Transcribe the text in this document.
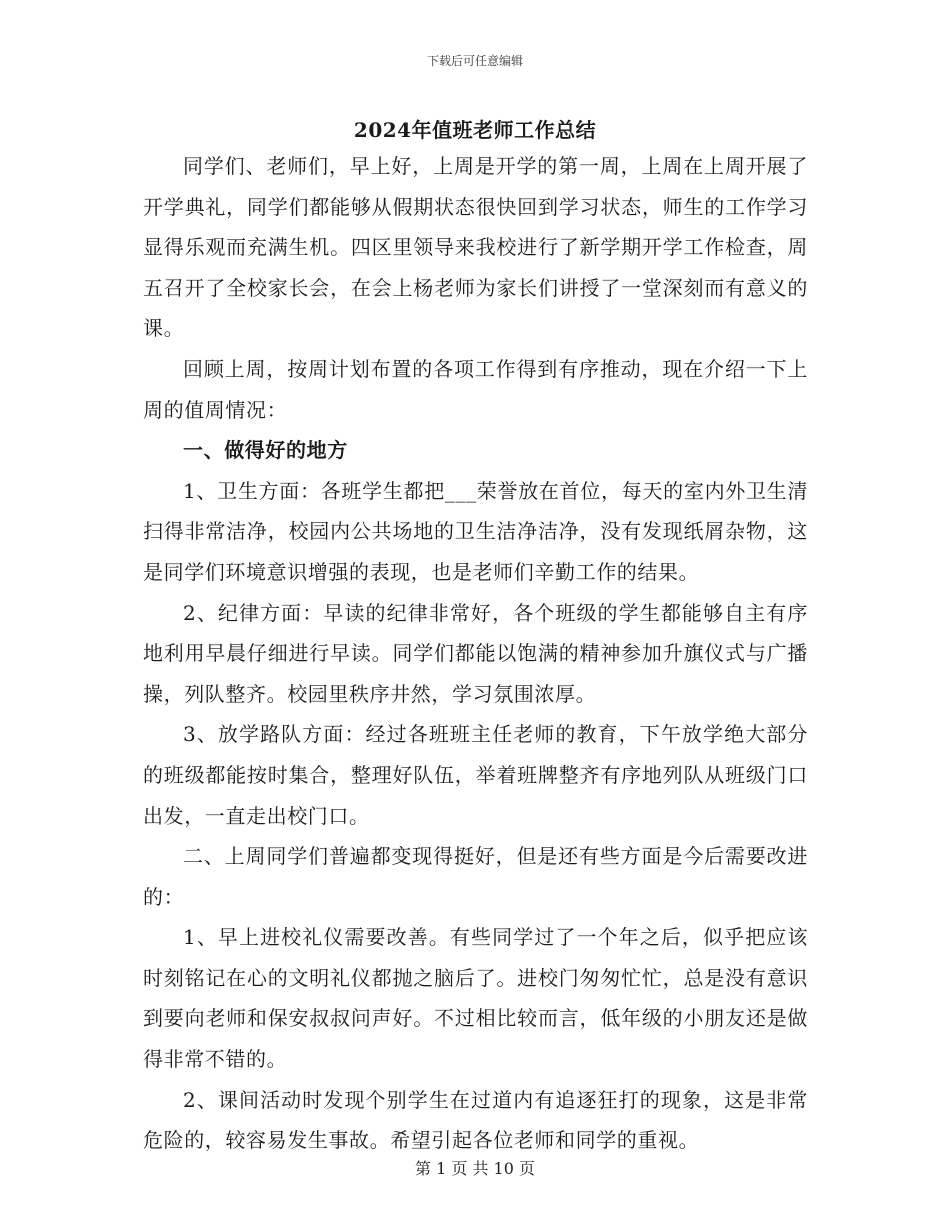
下载后可任意编辑
2024年值班老师工作总结

同学们、老师们，早上好，上周是开学的第一周，上周在上周开展了开学典礼，同学们都能够从假期状态很快回到学习状态，师生的工作学习显得乐观而充满生机。四区里领导来我校进行了新学期开学工作检查，周五召开了全校家长会，在会上杨老师为家长们讲授了一堂深刻而有意义的课。

回顾上周，按周计划布置的各项工作得到有序推动，现在介绍一下上周的值周情况：

一、做得好的地方

1、卫生方面：各班学生都把___荣誉放在首位，每天的室内外卫生清扫得非常洁净，校园内公共场地的卫生洁净洁净，没有发现纸屑杂物，这是同学们环境意识增强的表现，也是老师们辛勤工作的结果。

2、纪律方面：早读的纪律非常好，各个班级的学生都能够自主有序地利用早晨仔细进行早读。同学们都能以饱满的精神参加升旗仪式与广播操，列队整齐。校园里秩序井然，学习氛围浓厚。

3、放学路队方面：经过各班班主任老师的教育，下午放学绝大部分的班级都能按时集合，整理好队伍，举着班牌整齐有序地列队从班级门口出发，一直走出校门口。

二、上周同学们普遍都变现得挺好，但是还有些方面是今后需要改进的：

1、早上进校礼仪需要改善。有些同学过了一个年之后，似乎把应该时刻铭记在心的文明礼仪都抛之脑后了。进校门匆匆忙忙，总是没有意识到要向老师和保安叔叔问声好。不过相比较而言，低年级的小朋友还是做得非常不错的。

2、课间活动时发现个别学生在过道内有追逐狂打的现象，这是非常危险的，较容易发生事故。希望引起各位老师和同学的重视。

第 1 页 共 10 页
